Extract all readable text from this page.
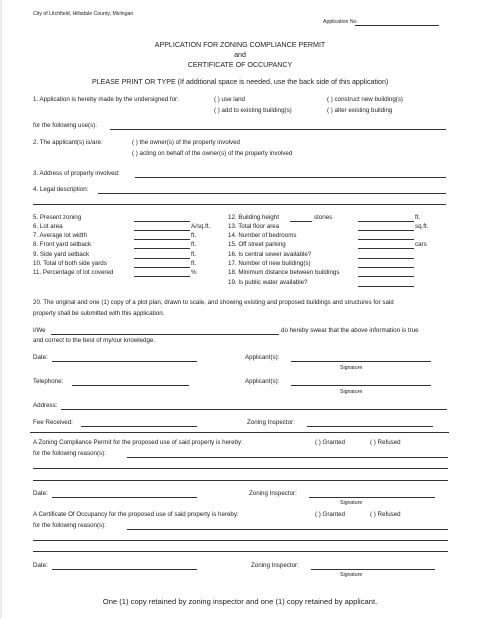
City of Litchfield, Hillsdale County, Michigan
Application No.
APPLICATION FOR ZONING COMPLIANCE PERMIT
and
CERTIFICATE OF OCCUPANCY
PLEASE PRINT OR TYPE (If additional space is needed, use the back side of this application)
1. Application is hereby made by the undersigned for:	( ) use land
( ) add to existing building(s)
( ) construct new building(s)
( ) alter existing building
for the following use(s):
2. The applicant(s) is/are:	( ) the owner(s) of the property involved
( ) acting on behalf of the owner(s) of the property involved
3. Address of property involved:
4. Legal description:
5. Present zoning
6. Lot area	A/sq.ft.
7. Average lot width	ft.
8. Front yard setback	ft.
9. Side yard setback	ft.
10. Total of both side yards	ft.
11. Percentage of lot covered	%
12. Building height	stories	ft.
13. Total floor area	sq.ft.
14. Number of bedrooms
15. Off street parking	cars
16. Is central sewer available?
17. Number of new building(s)
18. Minimum distance between buildings
19. Is public water available?
20. The original and one (1) copy of a plot plan, drawn to scale, and showing existing and proposed buildings and structures for said
property shall be submitted with this application.
I/We	do hereby swear that the above information is true
and correct to the best of my/our knowledge.
Date:	Applicant(s):
Signature
Telephone:	Applicant(s):
Signature
Address:
Fee Received:	Zoning Inspector:
A Zoning Compliance Permit for the proposed use of said property is hereby:	( ) Granted	( ) Refused
for the following reason(s):
Date:	Zoning Inspector:
Signature
A Certificate Of Occupancy for the proposed use of said property is hereby:	( ) Granted	( ) Refused
for the following reason(s):
Date:	Zoning Inspector:
Signature
One (1) copy retained by zoning inspector and one (1) copy retained by applicant.
